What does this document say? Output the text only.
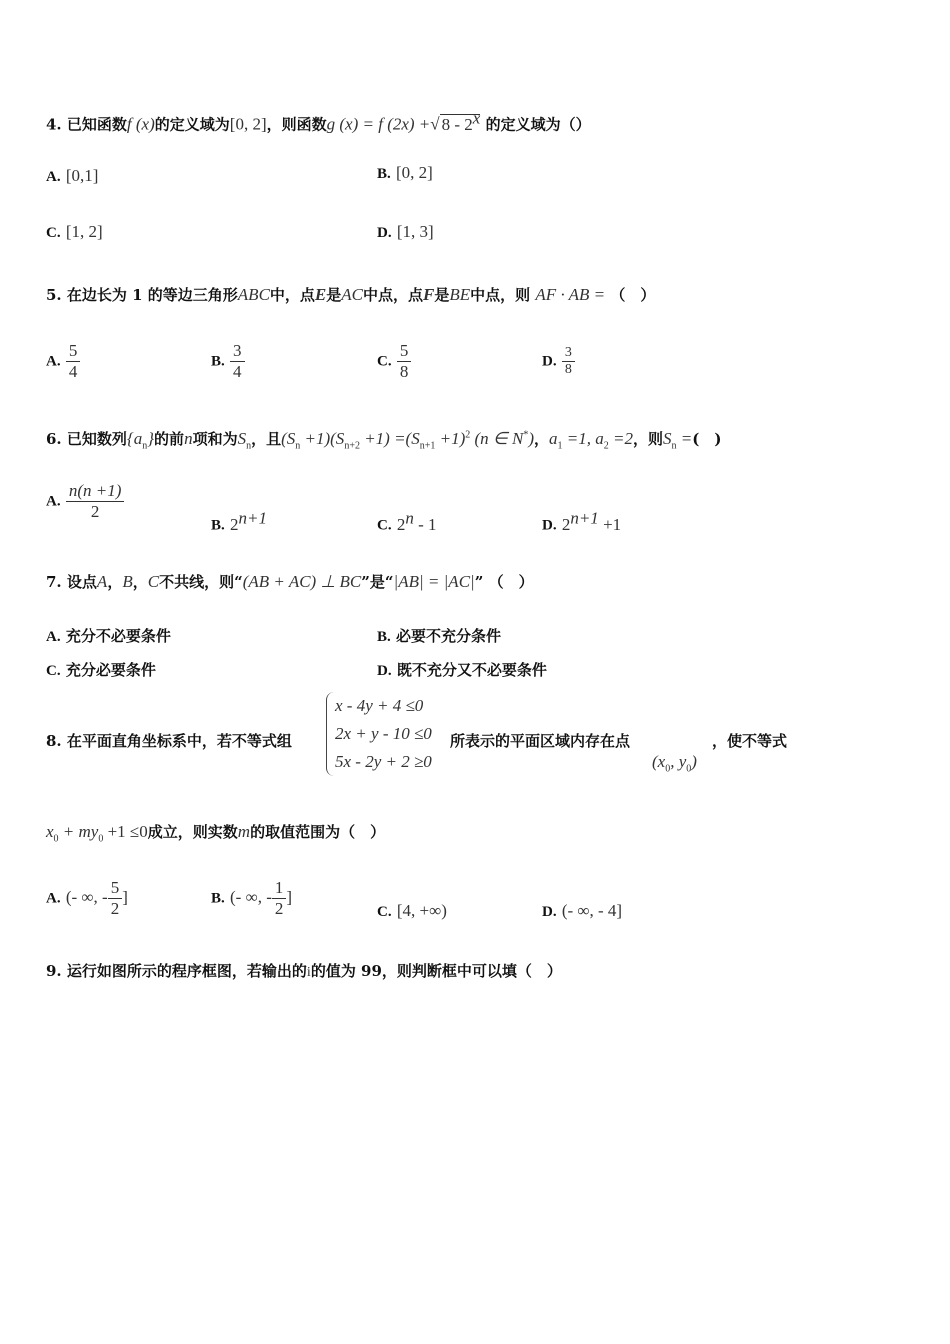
4. 已知函数f (x)的定义域为[0, 2]，则函数g (x) = f (2x) +√ 8 - 2$^x$ 的定义域为（）
A. [0,1]	B. [0, 2]
C. [1, 2]	D. [1, 3]
5. 在边长为 1 的等边三角形ABC中，点E是AC中点，点F是BE中点，则 AF · AB = （　）
A. $\frac{5}{4}$	B. $\frac{3}{4}$	C. $\frac{5}{8}$	D. $\frac{3}{8}$
6. 已知数列$\{a_n\}$的前n项和为$S_n$，且$(S_n +1)(S_{n+2} +1) =(S_{n+1} +1)^2$ (n ∈ N*)，$a_1 =1$, $a_2 =2$，则$S_n$ =(　)
A. $\frac{n(n +1)}{2}$
B. $2^{n+1}$	C. 2$^n$ - 1	D. $2^{n+1} +1$
7. 设点A，B，C不共线，则“(AB + AC) ⊥ BC”是“|AB| = |AC|” （　）
A. 充分不必要条件	B. 必要不充分条件
C. 充分必要条件	D. 既不充分又不必要条件
8. 在平面直角坐标系中，若不等式组
x - 4y + 4 ≤0
2x + y - 10 ≤0
5x - 2y + 2 ≥0
所表示的平面区域内存在点
($x_0$, $y_0$)
，使不等式
$x_0 + my_0 +1 \le 0$成立，则实数m的取值范围为（　）
A. (- ∞, - $\frac{5}{2}$ ]	B. (- ∞, - $\frac{1}{2}$ ]
C. [4, +∞)	D. (- ∞, - 4]
9. 运行如图所示的程序框图，若输出的i的值为 99，则判断框中可以填（　）
